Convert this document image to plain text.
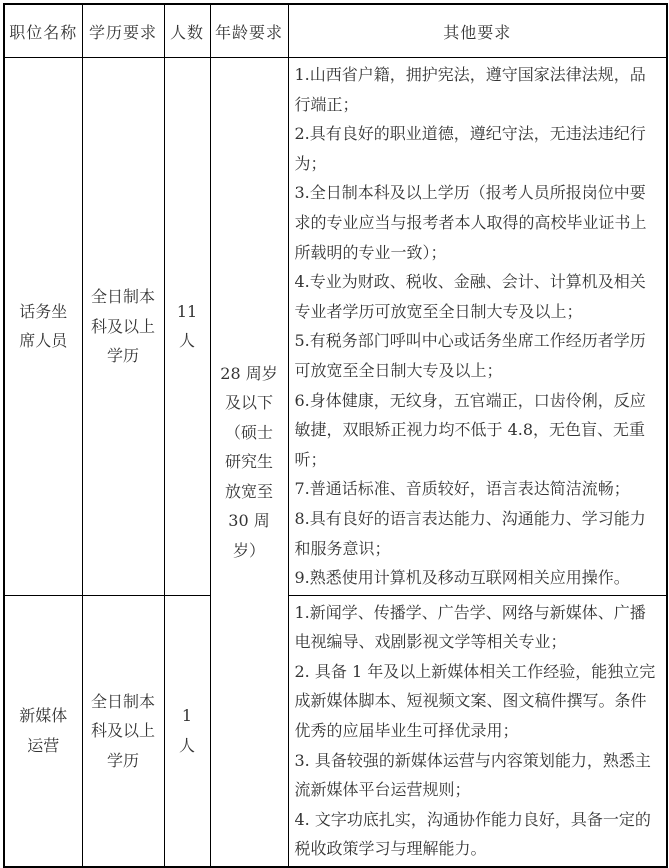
职位名称	学历要求	人数	年龄要求	其他要求
话务坐席人员	全日制本科及以上学历	11 人	28 周岁及以下（硕士研究生放宽至 30 周岁）	

1.山西省户籍，拥护宪法，遵守国家法律法规，品行端正；

2.具有良好的职业道德，遵纪守法，无违法违纪行为；

3.全日制本科及以上学历（报考人员所报岗位中要求的专业应当与报考者本人取得的高校毕业证书上所载明的专业一致）；

4.专业为财政、税收、金融、会计、计算机及相关专业者学历可放宽至全日制大专及以上；

5.有税务部门呼叫中心或话务坐席工作经历者学历可放宽至全日制大专及以上；

6.身体健康，无纹身，五官端正，口齿伶俐，反应敏捷，双眼矫正视力均不低于 4.8，无色盲、无重听；

7.普通话标准、音质较好，语言表达简洁流畅；

8.具有良好的语言表达能力、沟通能力、学习能力和服务意识；

9.熟悉使用计算机及移动互联网相关应用操作。

新媒体运营	全日制本科及以上学历	1 人		1.新闻学、传播学、广告学、网络与新媒体、广播电视编导、戏剧影视文学等相关专业；

2. 具备 1 年及以上新媒体相关工作经验，能独立完成新媒体脚本、短视频文案、图文稿件撰写。条件优秀的应届毕业生可择优录用；

3. 具备较强的新媒体运营与内容策划能力，熟悉主流新媒体平台运营规则；

4. 文字功底扎实，沟通协作能力良好，具备一定的税收政策学习与理解能力。
